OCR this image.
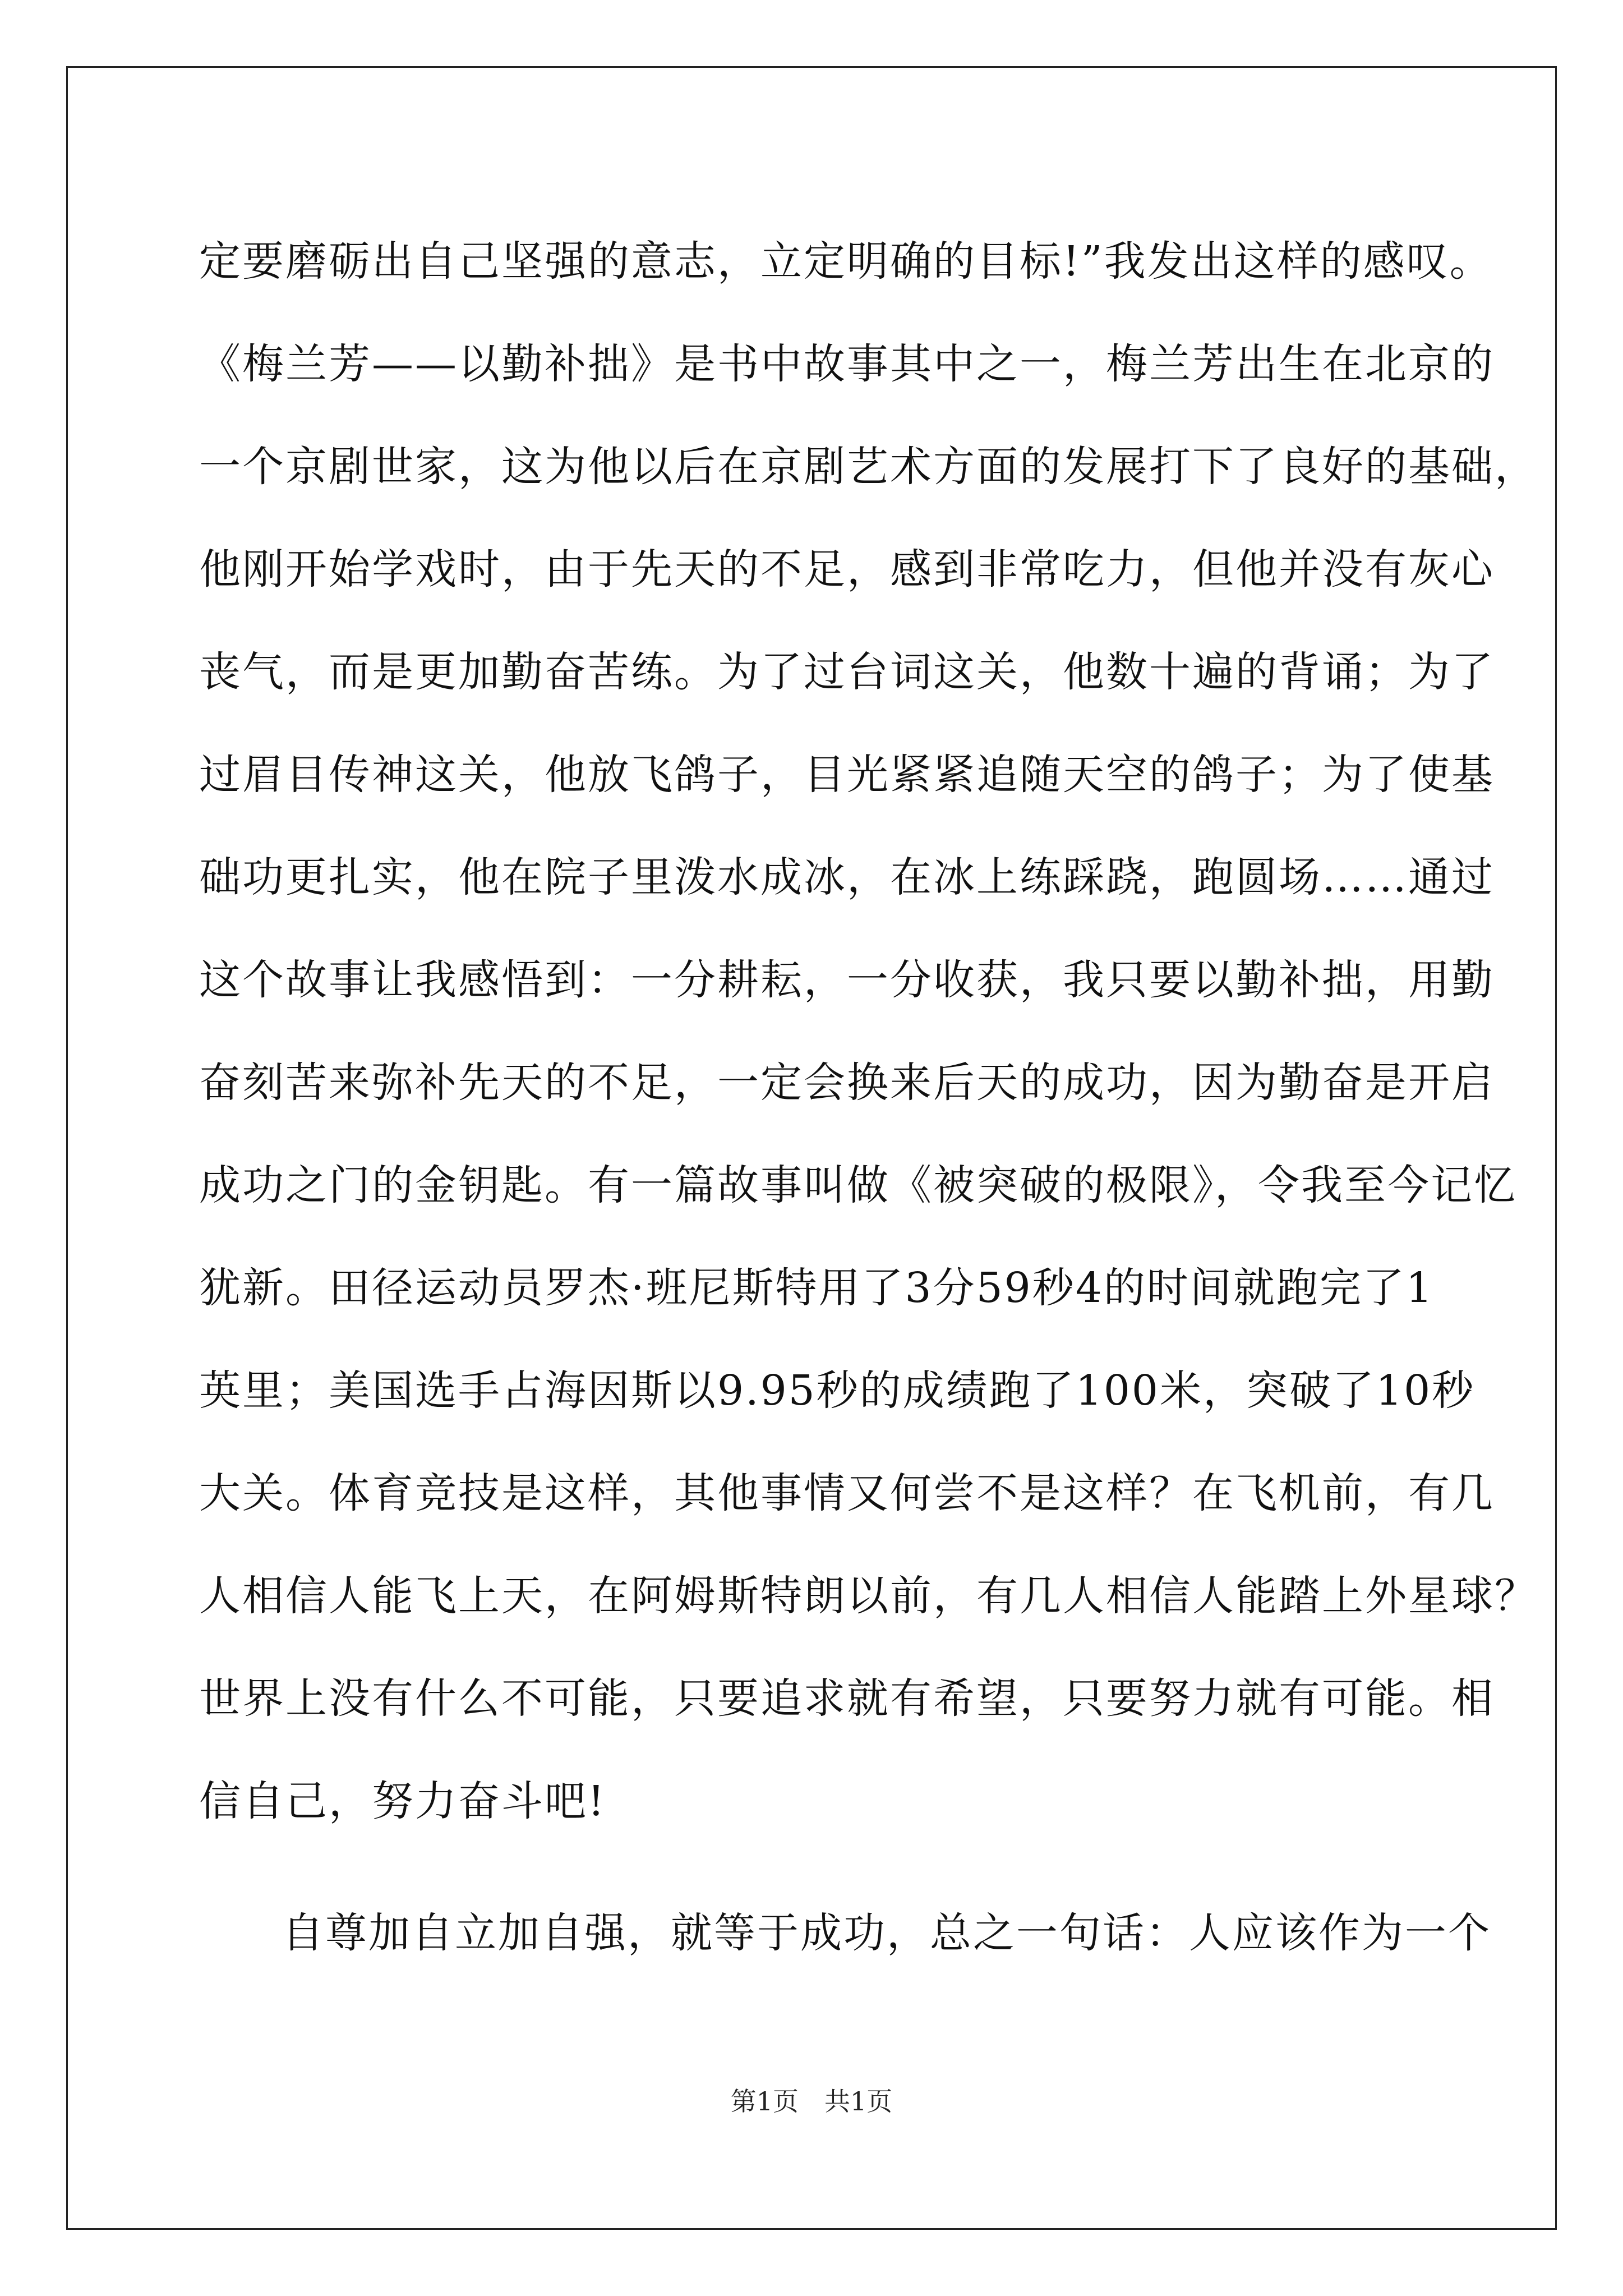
定要磨砺出自己坚强的意志，立定明确的目标!”我发出这样的感叹。
《梅兰芳——以勤补拙》是书中故事其中之一，梅兰芳出生在北京的
一个京剧世家，这为他以后在京剧艺术方面的发展打下了良好的基础，
他刚开始学戏时，由于先天的不足，感到非常吃力，但他并没有灰心
丧气，而是更加勤奋苦练。为了过台词这关，他数十遍的背诵；为了
过眉目传神这关，他放飞鸽子，目光紧紧追随天空的鸽子；为了使基
础功更扎实，他在院子里泼水成冰，在冰上练踩跷，跑圆场……通过
这个故事让我感悟到：一分耕耘，一分收获，我只要以勤补拙，用勤
奋刻苦来弥补先天的不足，一定会换来后天的成功，因为勤奋是开启
成功之门的金钥匙。有一篇故事叫做《被突破的极限》，令我至今记忆
犹新。田径运动员罗杰·班尼斯特用了3分59秒4的时间就跑完了1
英里；美国选手占海因斯以9.95秒的成绩跑了100米，突破了10秒
大关。体育竞技是这样，其他事情又何尝不是这样？在飞机前，有几
人相信人能飞上天，在阿姆斯特朗以前，有几人相信人能踏上外星球？
世界上没有什么不可能，只要追求就有希望，只要努力就有可能。相
信自己，努力奋斗吧!
自尊加自立加自强，就等于成功，总之一句话：人应该作为一个
第1页　共1页
